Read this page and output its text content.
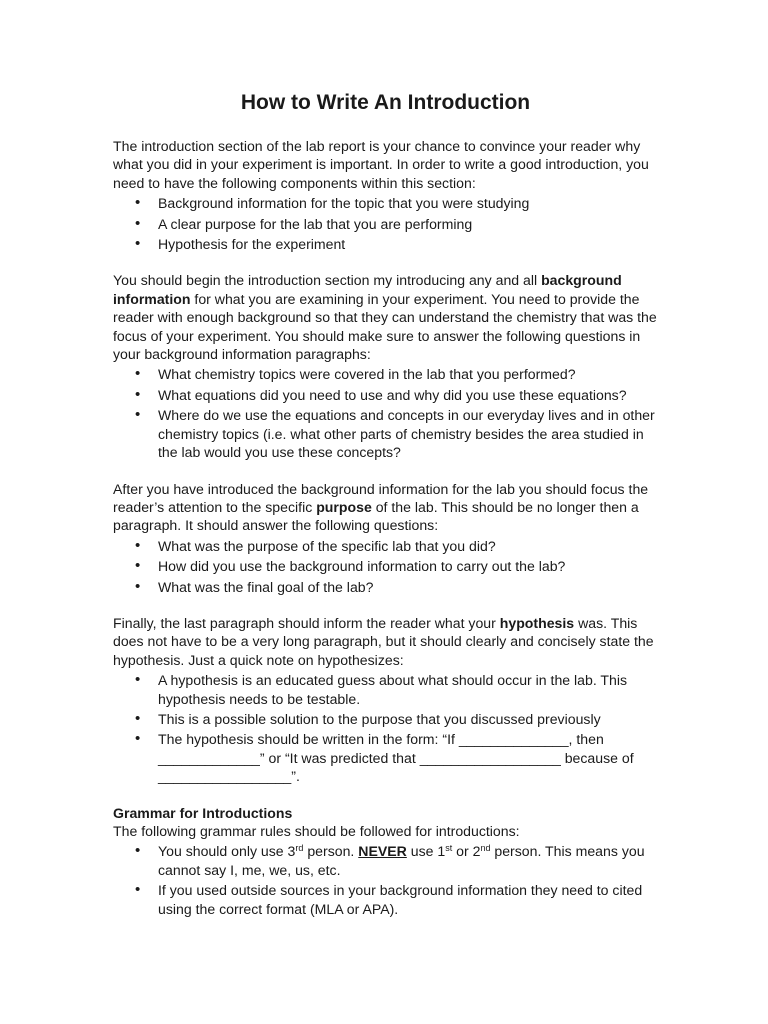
How to Write An Introduction

The introduction section of the lab report is your chance to convince your reader why what you did in your experiment is important. In order to write a good introduction, you need to have the following components within this section:

• Background information for the topic that you were studying
• A clear purpose for the lab that you are performing
• Hypothesis for the experiment

You should begin the introduction section my introducing any and all background information for what you are examining in your experiment. You need to provide the reader with enough background so that they can understand the chemistry that was the focus of your experiment. You should make sure to answer the following questions in your background information paragraphs:

• What chemistry topics were covered in the lab that you performed?
• What equations did you need to use and why did you use these equations?
• Where do we use the equations and concepts in our everyday lives and in other chemistry topics (i.e. what other parts of chemistry besides the area studied in the lab would you use these concepts?

After you have introduced the background information for the lab you should focus the reader’s attention to the specific purpose of the lab. This should be no longer then a paragraph. It should answer the following questions:

• What was the purpose of the specific lab that you did?
• How did you use the background information to carry out the lab?
• What was the final goal of the lab?

Finally, the last paragraph should inform the reader what your hypothesis was. This does not have to be a very long paragraph, but it should clearly and concisely state the hypothesis. Just a quick note on hypothesizes:

• A hypothesis is an educated guess about what should occur in the lab. This hypothesis needs to be testable.
• This is a possible solution to the purpose that you discussed previously
• The hypothesis should be written in the form: “If ______________, then _____________” or “It was predicted that __________________ because of _________________”.

Grammar for Introductions

The following grammar rules should be followed for introductions:

• You should only use 3rd person. NEVER use 1st or 2nd person. This means you cannot say I, me, we, us, etc.
• If you used outside sources in your background information they need to cited using the correct format (MLA or APA).
